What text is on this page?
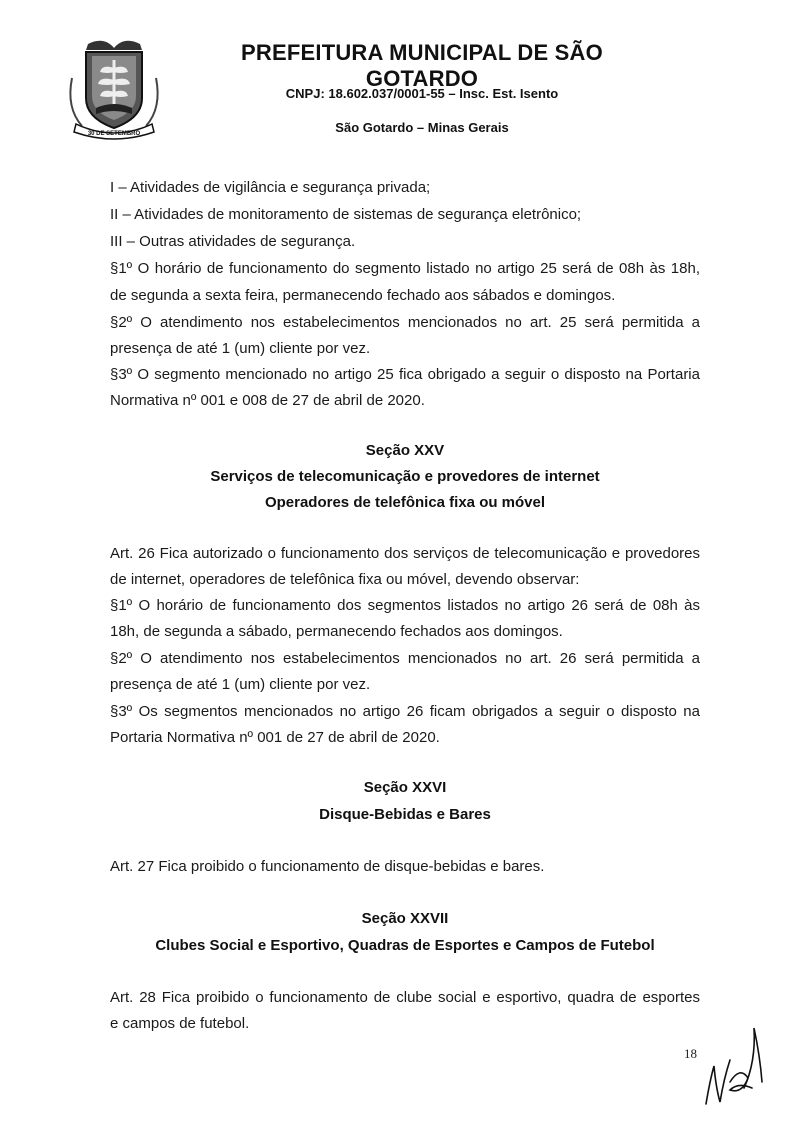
30 DE SETEMBRO
PREFEITURA MUNICIPAL DE SÃO GOTARDO
CNPJ: 18.602.037/0001-55 – Insc. Est. Isento
São Gotardo – Minas Gerais
I – Atividades de vigilância e segurança privada;
II – Atividades de monitoramento de sistemas de segurança eletrônico;
III – Outras atividades de segurança.
§1º O horário de funcionamento do segmento listado no artigo 25 será de 08h às 18h,
de segunda a sexta feira, permanecendo fechado aos sábados e domingos.
§2º O atendimento nos estabelecimentos mencionados no art. 25 será permitida a
presença de até 1 (um) cliente por vez.
§3º O segmento mencionado no artigo 25 fica obrigado a seguir o disposto na Portaria
Normativa nº 001 e 008 de 27 de abril de 2020.
Seção XXV
Serviços de telecomunicação e provedores de internet
Operadores de telefônica fixa ou móvel
Art. 26 Fica autorizado o funcionamento dos serviços de telecomunicação e provedores
de internet, operadores de telefônica fixa ou móvel, devendo observar:
§1º O horário de funcionamento dos segmentos listados no artigo 26 será de 08h às
18h, de segunda a sábado, permanecendo fechados aos domingos.
§2º O atendimento nos estabelecimentos mencionados no art. 26 será permitida a
presença de até 1 (um) cliente por vez.
§3º Os segmentos mencionados no artigo 26 ficam obrigados a seguir o disposto na
Portaria Normativa nº 001 de 27 de abril de 2020.
Seção XXVI
Disque-Bebidas e Bares
Art. 27 Fica proibido o funcionamento de disque-bebidas e bares.
Seção XXVII
Clubes Social e Esportivo, Quadras de Esportes e Campos de Futebol
Art. 28 Fica proibido o funcionamento de clube social e esportivo, quadra de esportes
e campos de futebol.
18
